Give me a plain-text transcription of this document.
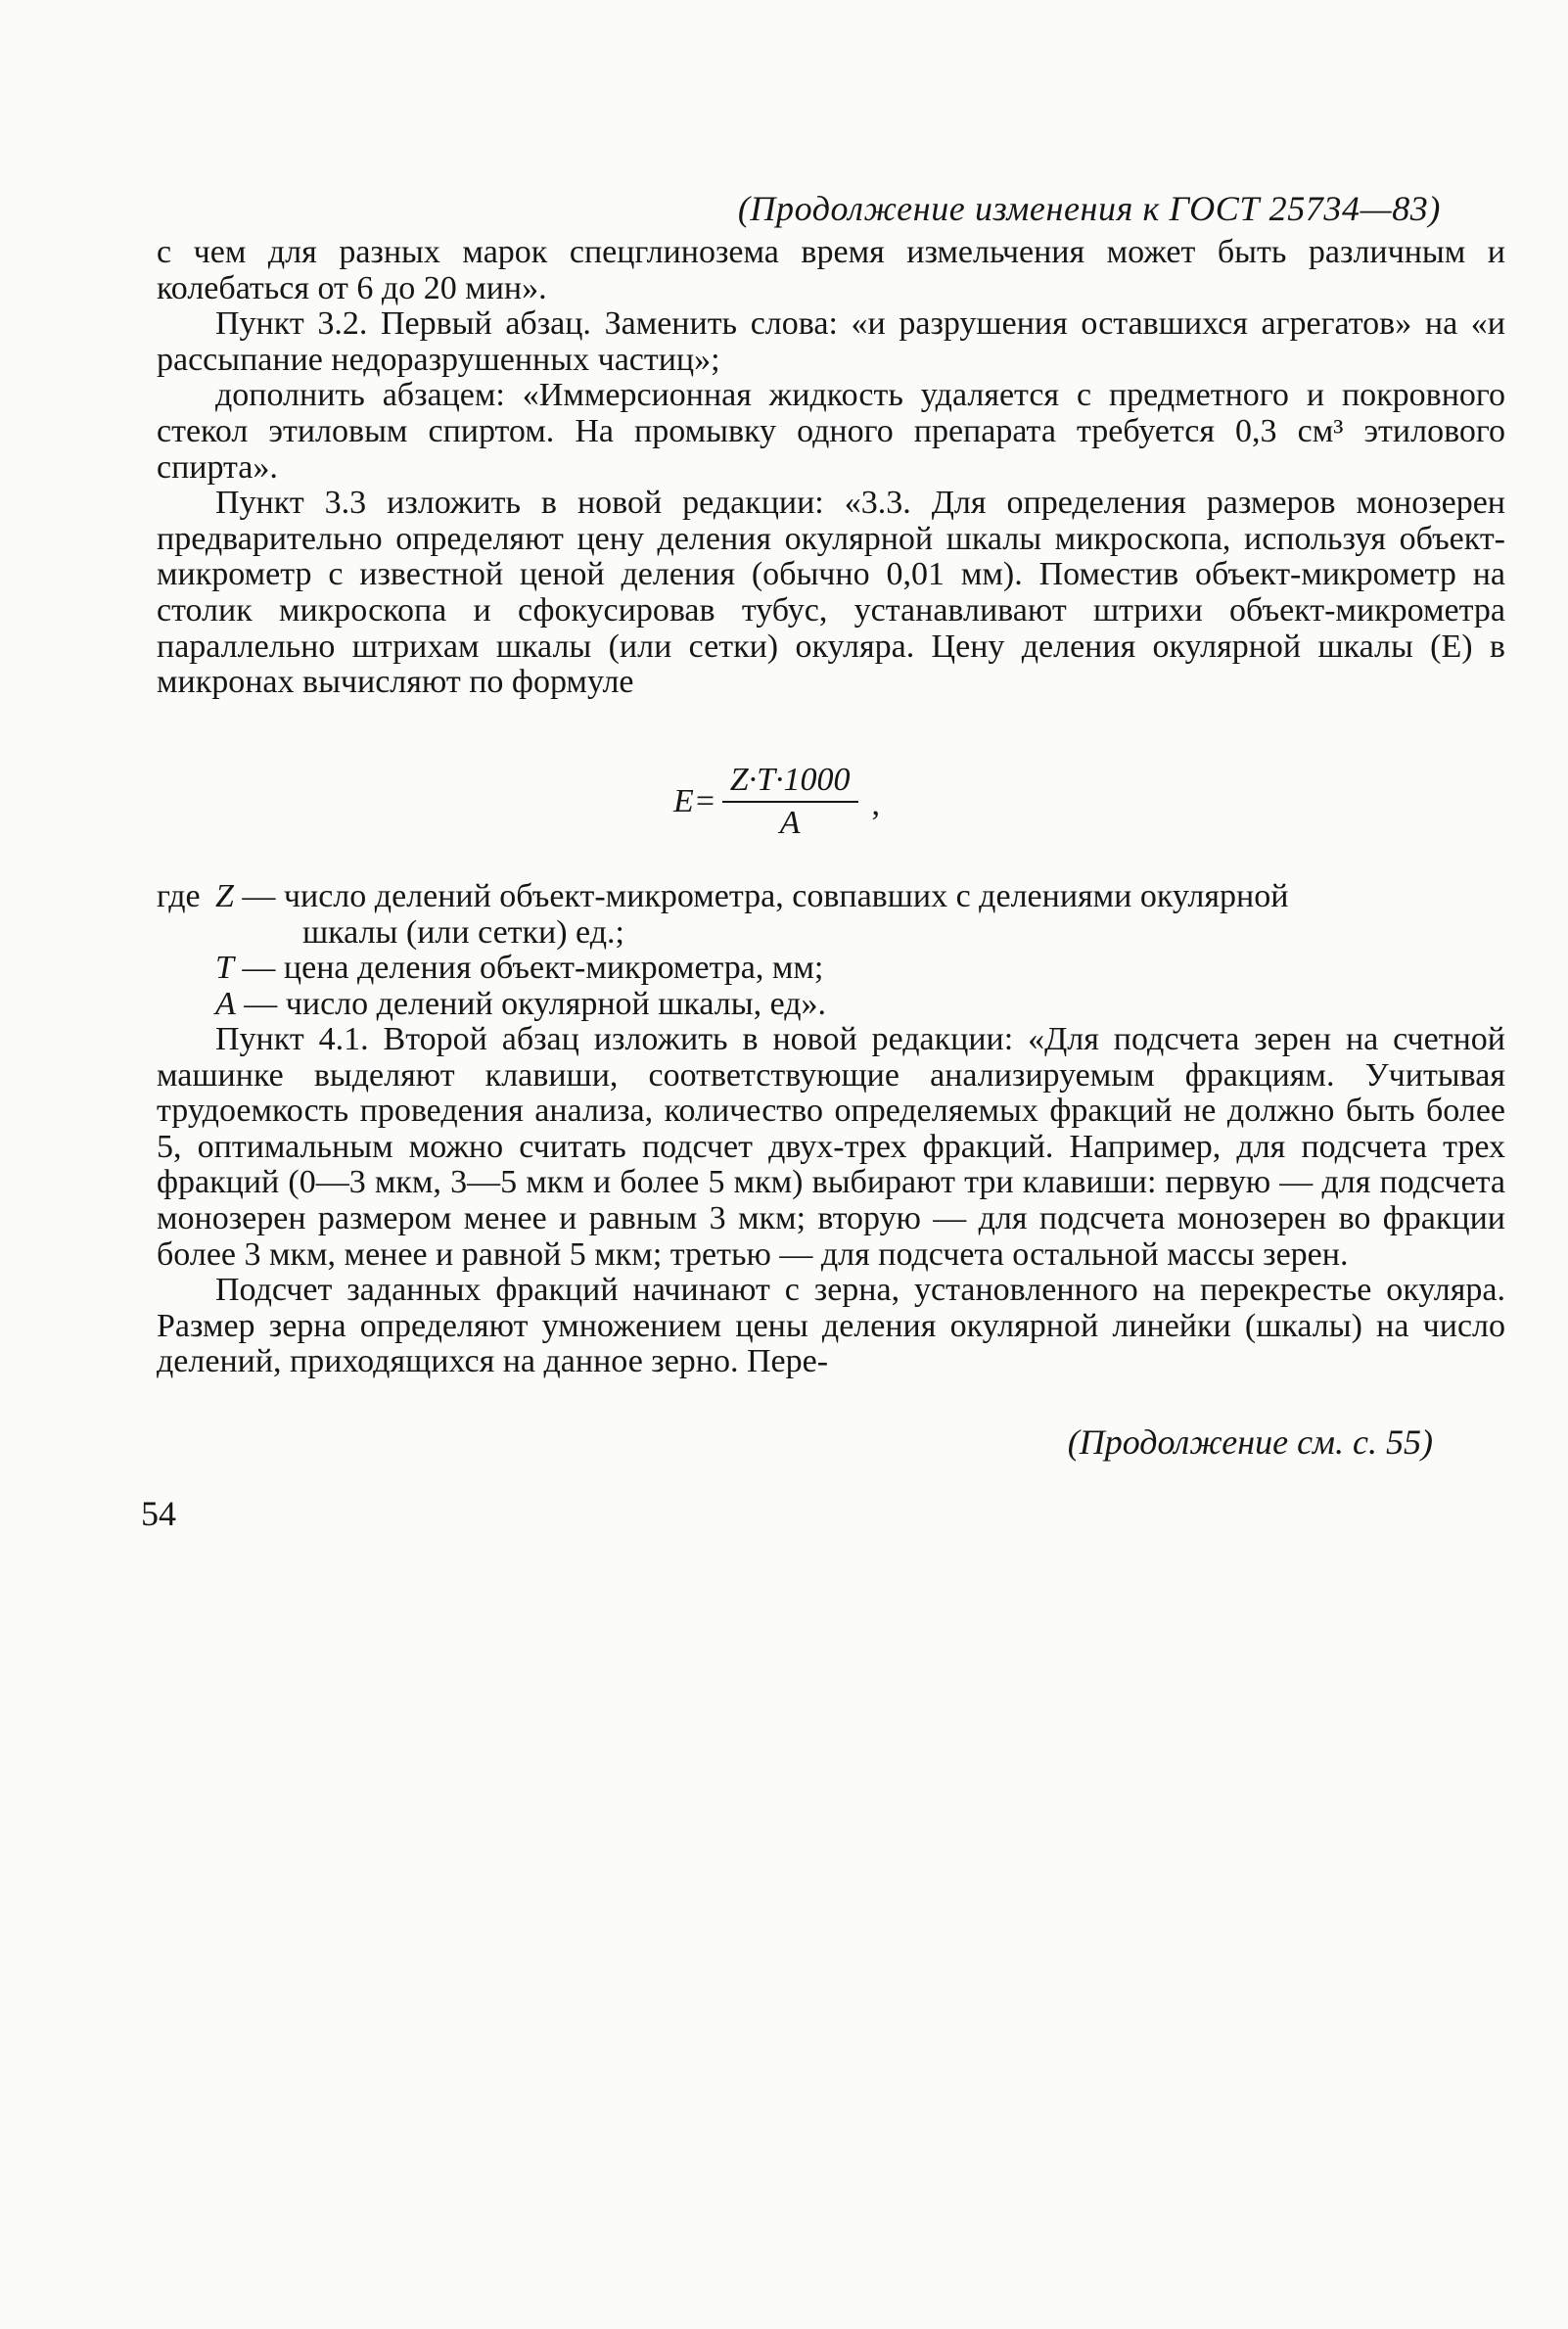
(Продолжение изменения к ГОСТ 25734—83)

с чем для разных марок спецглинозема время измельчения может быть различным и колебаться от 6 до 20 мин».

Пункт 3.2. Первый абзац. Заменить слова: «и разрушения оставшихся агрегатов» на «и рассыпание недоразрушенных частиц»;

дополнить абзацем: «Иммерсионная жидкость удаляется с предметного и покровного стекол этиловым спиртом. На промывку одного препарата требуется 0,3 см³ этилового спирта».

Пункт 3.3 изложить в новой редакции: «3.3. Для определения размеров монозерен предварительно определяют цену деления окулярной шкалы микроскопа, используя объект-микрометр с известной ценой деления (обычно 0,01 мм). Поместив объект-микрометр на столик микроскопа и сфокусировав тубус, устанавливают штрихи объект-микрометра параллельно штрихам шкалы (или сетки) окуляра. Цену деления окулярной шкалы (E) в микронах вычисляют по формуле

$E= \frac{Z\cdot T\cdot 1000}{A}$ ,
где Z — число делений объект-микрометра, совпавших с делениями окулярной
шкалы (или сетки) ед.;
T — цена деления объект-микрометра, мм;
A — число делений окулярной шкалы, ед».

Пункт 4.1. Второй абзац изложить в новой редакции: «Для подсчета зерен на счетной машинке выделяют клавиши, соответствующие анализируемым фракциям. Учитывая трудоемкость проведения анализа, количество определяемых фракций не должно быть более 5, оптимальным можно считать подсчет двух-трех фракций. Например, для подсчета трех фракций (0—3 мкм, 3—5 мкм и более 5 мкм) выбирают три клавиши: первую — для подсчета монозерен размером менее и равным 3 мкм; вторую — для подсчета монозерен во фракции более 3 мкм, менее и равной 5 мкм; третью — для подсчета остальной массы зерен.

Подсчет заданных фракций начинают с зерна, установленного на перекрестье окуляра. Размер зерна определяют умножением цены деления окулярной линейки (шкалы) на число делений, приходящихся на данное зерно. Пере-

(Продолжение см. с. 55)
54
